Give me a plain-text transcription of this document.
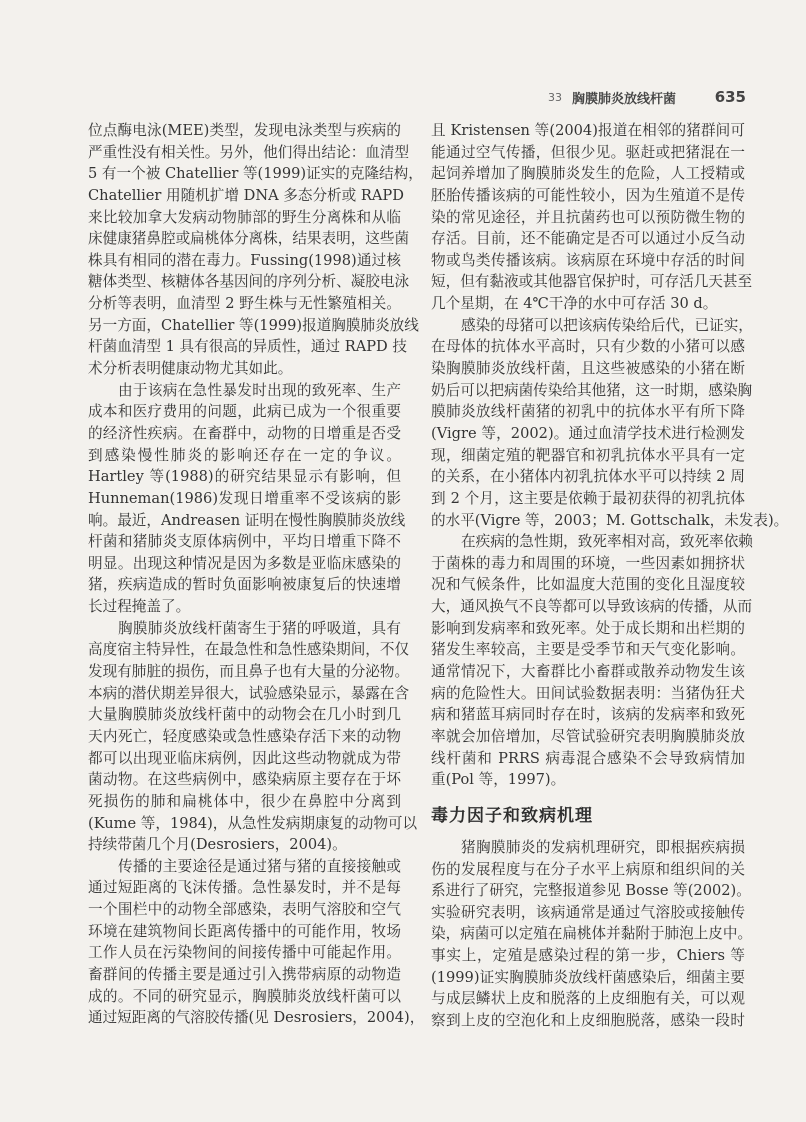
33 胸膜肺炎放线杆菌	635
位点酶电泳(MEE)类型，发现电泳类型与疾病的
严重性没有相关性。另外，他们得出结论：血清型
5 有一个被 Chatellier 等(1999)证实的克隆结构，
Chatellier 用随机扩增 DNA 多态分析或 RAPD
来比较加拿大发病动物肺部的野生分离株和从临
床健康猪鼻腔或扁桃体分离株，结果表明，这些菌
株具有相同的潜在毒力。Fussing(1998)通过核
糖体类型、核糖体各基因间的序列分析、凝胶电泳
分析等表明，血清型 2 野生株与无性繁殖相关。
另一方面，Chatellier 等(1999)报道胸膜肺炎放线
杆菌血清型 1 具有很高的异质性，通过 RAPD 技
术分析表明健康动物尤其如此。
由于该病在急性暴发时出现的致死率、生产
成本和医疗费用的问题，此病已成为一个很重要
的经济性疾病。在畜群中，动物的日增重是否受
到感染慢性肺炎的影响还存在一定的争议。
Hartley 等(1988)的研究结果显示有影响，但
Hunneman(1986)发现日增重率不受该病的影
响。最近，Andreasen 证明在慢性胸膜肺炎放线
杆菌和猪肺炎支原体病例中，平均日增重下降不
明显。出现这种情况是因为多数是亚临床感染的
猪，疾病造成的暂时负面影响被康复后的快速增
长过程掩盖了。
胸膜肺炎放线杆菌寄生于猪的呼吸道，具有
高度宿主特异性，在最急性和急性感染期间，不仅
发现有肺脏的损伤，而且鼻子也有大量的分泌物。
本病的潜伏期差异很大，试验感染显示，暴露在含
大量胸膜肺炎放线杆菌中的动物会在几小时到几
天内死亡，轻度感染或急性感染存活下来的动物
都可以出现亚临床病例，因此这些动物就成为带
菌动物。在这些病例中，感染病原主要存在于坏
死损伤的肺和扁桃体中，很少在鼻腔中分离到
(Kume 等，1984)，从急性发病期康复的动物可以
持续带菌几个月(Desrosiers，2004)。
传播的主要途径是通过猪与猪的直接接触或
通过短距离的飞沫传播。急性暴发时，并不是每
一个围栏中的动物全部感染，表明气溶胶和空气
环境在建筑物间长距离传播中的可能作用，牧场
工作人员在污染物间的间接传播中可能起作用。
畜群间的传播主要是通过引入携带病原的动物造
成的。不同的研究显示，胸膜肺炎放线杆菌可以
通过短距离的气溶胶传播(见 Desrosiers，2004)，
且 Kristensen 等(2004)报道在相邻的猪群间可
能通过空气传播，但很少见。驱赶或把猪混在一
起饲养增加了胸膜肺炎发生的危险，人工授精或
胚胎传播该病的可能性较小，因为生殖道不是传
染的常见途径，并且抗菌药也可以预防微生物的
存活。目前，还不能确定是否可以通过小反刍动
物或鸟类传播该病。该病原在环境中存活的时间
短，但有黏液或其他器官保护时，可存活几天甚至
几个星期，在 4℃干净的水中可存活 30 d。
感染的母猪可以把该病传染给后代，已证实，
在母体的抗体水平高时，只有少数的小猪可以感
染胸膜肺炎放线杆菌，且这些被感染的小猪在断
奶后可以把病菌传染给其他猪，这一时期，感染胸
膜肺炎放线杆菌猪的初乳中的抗体水平有所下降
(Vigre 等，2002)。通过血清学技术进行检测发
现，细菌定殖的靶器官和初乳抗体水平具有一定
的关系，在小猪体内初乳抗体水平可以持续 2 周
到 2 个月，这主要是依赖于最初获得的初乳抗体
的水平(Vigre 等，2003；M. Gottschalk，未发表)。
在疾病的急性期，致死率相对高，致死率依赖
于菌株的毒力和周围的环境，一些因素如拥挤状
况和气候条件，比如温度大范围的变化且湿度较
大，通风换气不良等都可以导致该病的传播，从而
影响到发病率和致死率。处于成长期和出栏期的
猪发生率较高，主要是受季节和天气变化影响。
通常情况下，大畜群比小畜群或散养动物发生该
病的危险性大。田间试验数据表明：当猪伪狂犬
病和猪蓝耳病同时存在时，该病的发病率和致死
率就会加倍增加，尽管试验研究表明胸膜肺炎放
线杆菌和 PRRS 病毒混合感染不会导致病情加
重(Pol 等，1997)。
毒力因子和致病机理
猪胸膜肺炎的发病机理研究，即根据疾病损
伤的发展程度与在分子水平上病原和组织间的关
系进行了研究，完整报道参见 Bosse 等(2002)。
实验研究表明，该病通常是通过气溶胶或接触传
染，病菌可以定殖在扁桃体并黏附于肺泡上皮中。
事实上，定殖是感染过程的第一步，Chiers 等
(1999)证实胸膜肺炎放线杆菌感染后，细菌主要
与成层鳞状上皮和脱落的上皮细胞有关，可以观
察到上皮的空泡化和上皮细胞脱落，感染一段时
